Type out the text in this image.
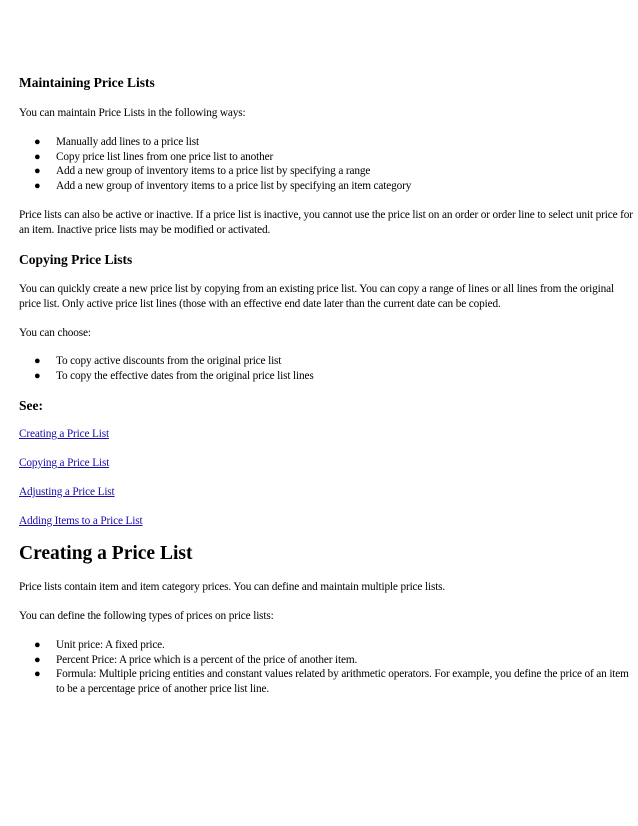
Maintaining Price Lists
You can maintain Price Lists in the following ways:
● Manually add lines to a price list
● Copy price list lines from one price list to another
● Add a new group of inventory items to a price list by specifying a range
● Add a new group of inventory items to a price list by specifying an item category
Price lists can also be active or inactive. If a price list is inactive, you cannot use the price list on an order or order line to select unit price for an item. Inactive price lists may be modified or activated.
Copying Price Lists
You can quickly create a new price list by copying from an existing price list. You can copy a range of lines or all lines from the original price list. Only active price list lines (those with an effective end date later than the current date can be copied.
You can choose:
● To copy active discounts from the original price list
● To copy the effective dates from the original price list lines
See:
Creating a Price List
Copying a Price List
Adjusting a Price List
Adding Items to a Price List
Creating a Price List
Price lists contain item and item category prices. You can define and maintain multiple price lists.
You can define the following types of prices on price lists:
● Unit price: A fixed price.
● Percent Price: A price which is a percent of the price of another item.
● Formula: Multiple pricing entities and constant values related by arithmetic operators. For example, you define the price of an item to be a percentage price of another price list line.
